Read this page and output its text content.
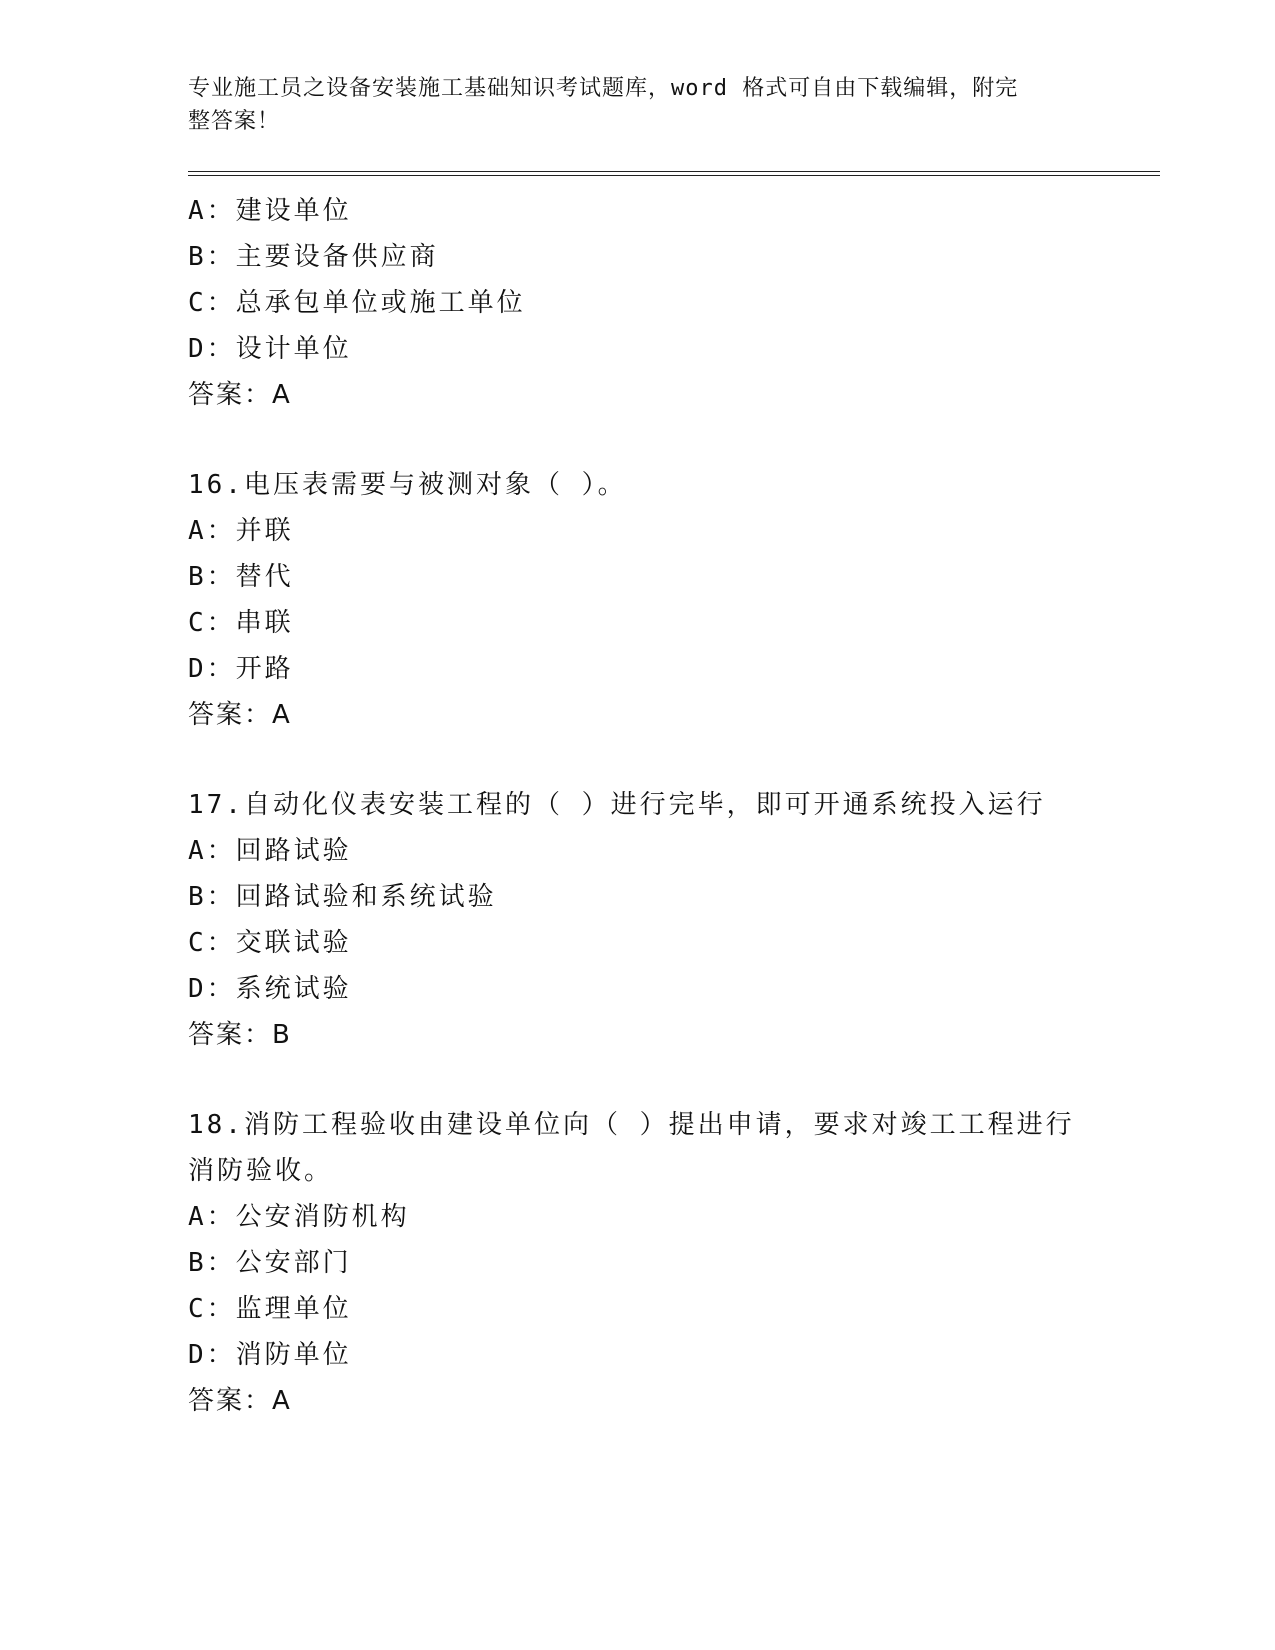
专业施工员之设备安装施工基础知识考试题库，word 格式可自由下载编辑，附完
整答案！
A：建设单位
B：主要设备供应商
C：总承包单位或施工单位
D：设计单位
答案：A
16.电压表需要与被测对象（ ）。
A：并联
B：替代
C：串联
D：开路
答案：A
17.自动化仪表安装工程的（ ）进行完毕，即可开通系统投入运行
A：回路试验
B：回路试验和系统试验
C：交联试验
D：系统试验
答案：B
18.消防工程验收由建设单位向（ ）提出申请，要求对竣工工程进行
消防验收。
A：公安消防机构
B：公安部门
C：监理单位
D：消防单位
答案：A
